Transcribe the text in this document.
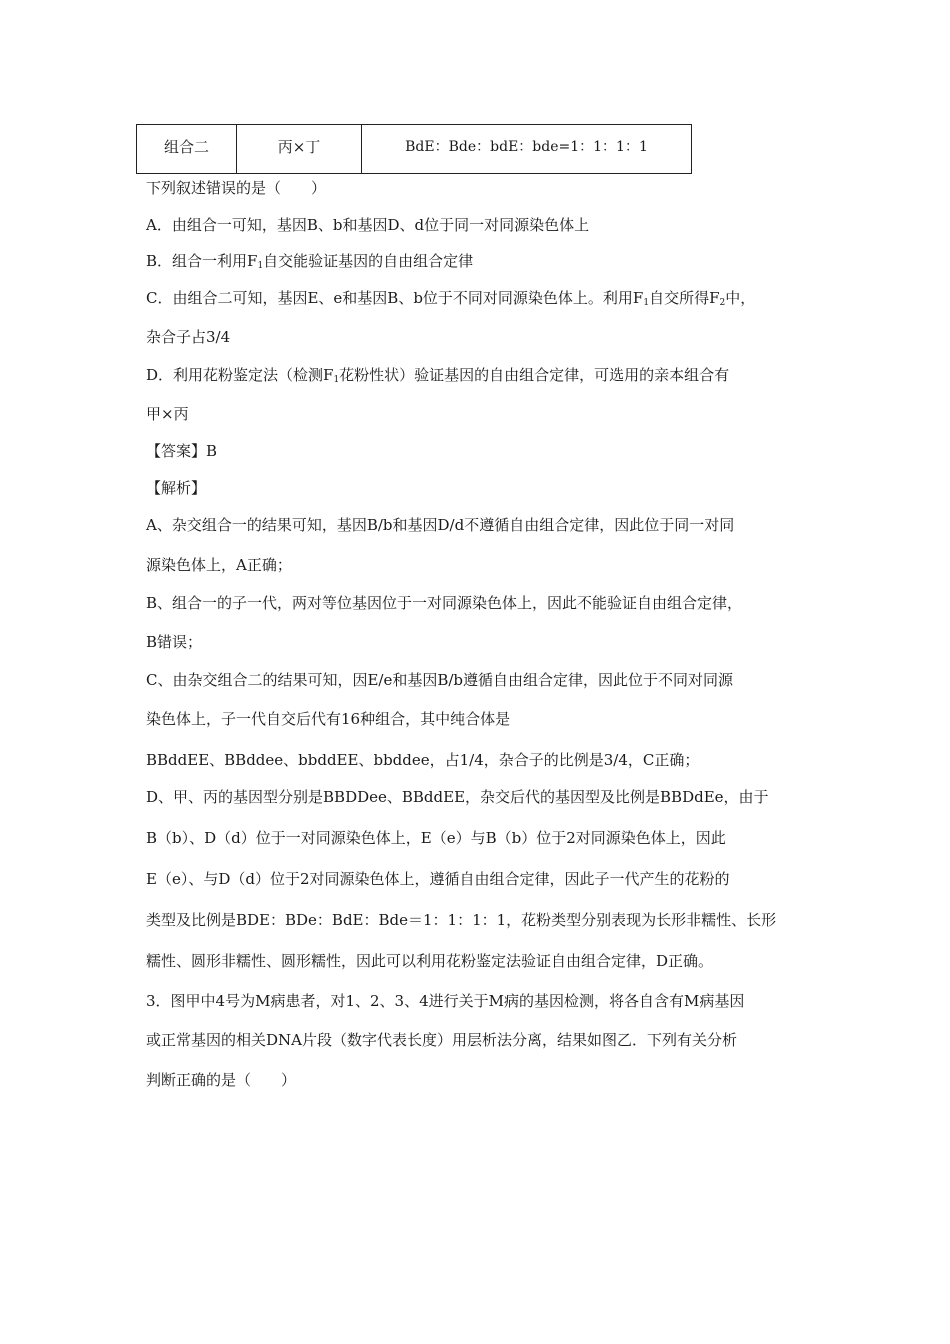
组合二	丙×丁	BdE：Bde：bdE：bde=1：1：1：1
下列叙述错误的是（　　）
A．由组合一可知，基因B、b和基因D、d位于同一对同源染色体上
B．组合一利用$F_1$自交能验证基因的自由组合定律
C．由组合二可知，基因E、e和基因B、b位于不同对同源染色体上。利用$F_1$自交所得$F_2$中，
杂合子占3/4
D．利用花粉鉴定法（检测$F_1$花粉性状）验证基因的自由组合定律，可选用的亲本组合有
甲×丙
【答案】B
【解析】
A、杂交组合一的结果可知，基因B/b和基因D/d不遵循自由组合定律，因此位于同一对同
源染色体上，A正确；
B、组合一的子一代，两对等位基因位于一对同源染色体上，因此不能验证自由组合定律，
B错误；
C、由杂交组合二的结果可知，因E/e和基因B/b遵循自由组合定律，因此位于不同对同源
染色体上，子一代自交后代有16种组合，其中纯合体是
BBddEE、BBddee、bbddEE、bbddee，占1/4，杂合子的比例是3/4，C正确；
D、甲、丙的基因型分别是BBDDee、BBddEE，杂交后代的基因型及比例是BBDdEe，由于
B（b）、D（d）位于一对同源染色体上，E（e）与B（b）位于2对同源染色体上，因此
E（e）、与D（d）位于2对同源染色体上，遵循自由组合定律，因此子一代产生的花粉的
类型及比例是BDE：BDe：BdE：Bde＝1：1：1：1，花粉类型分别表现为长形非糯性、长形
糯性、圆形非糯性、圆形糯性，因此可以利用花粉鉴定法验证自由组合定律，D正确。
3．图甲中4号为M病患者，对1、2、3、4进行关于M病的基因检测，将各自含有M病基因
或正常基因的相关DNA片段（数字代表长度）用层析法分离，结果如图乙．下列有关分析
判断正确的是（　　）
